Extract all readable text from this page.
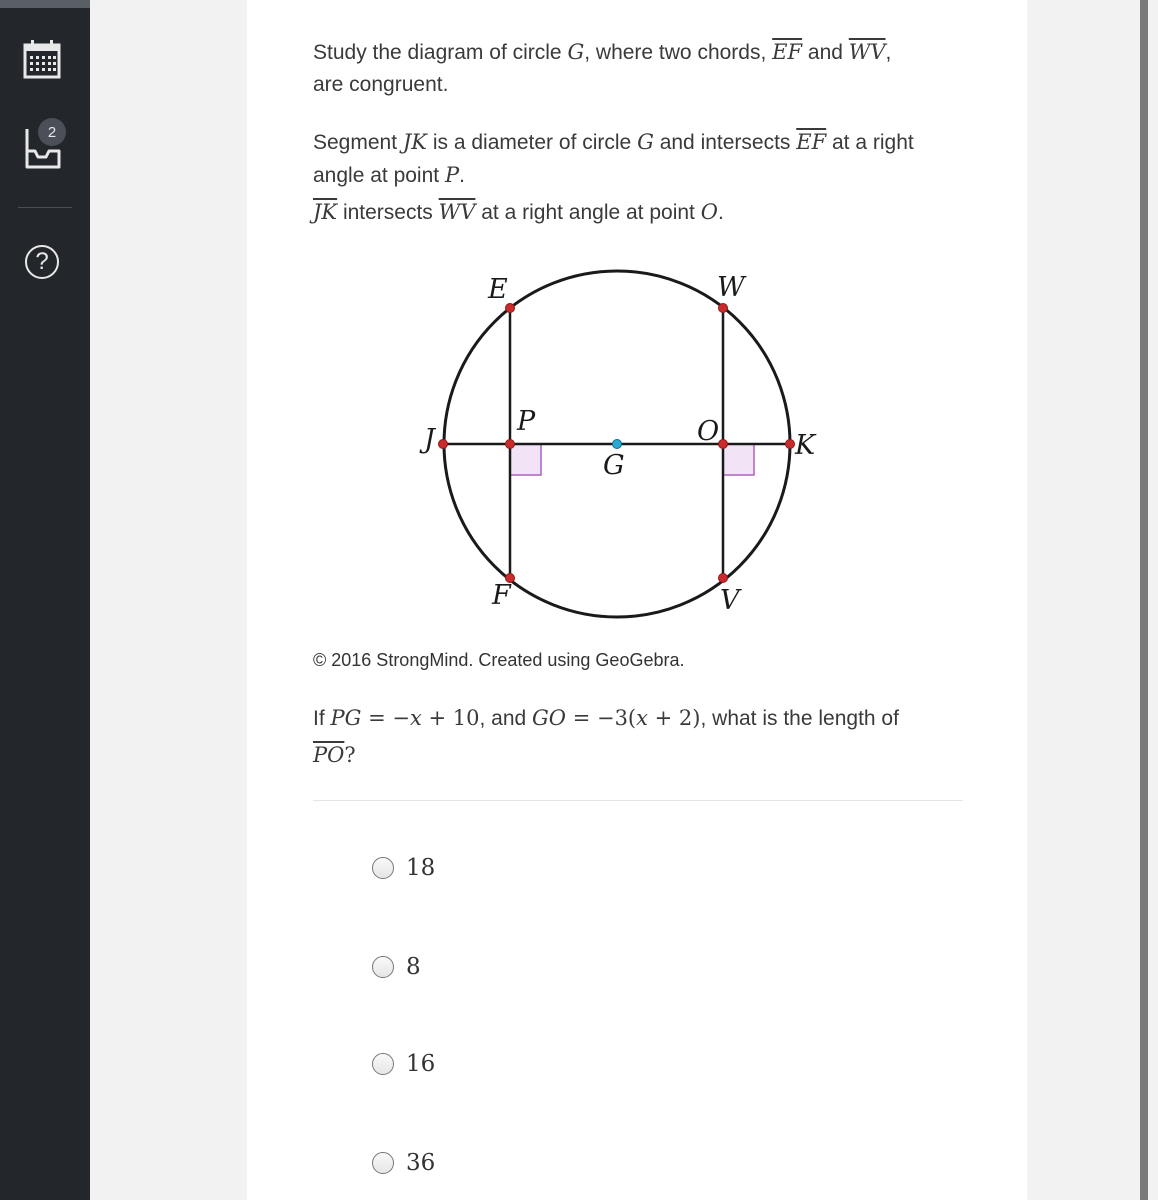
2
?
Study the diagram of circle G, where two chords, $\overline{EF}$ and $\overline{WV}$,
are congruent.
Segment JK is a diameter of circle G and intersects $\overline{EF}$ at a right
angle at point P.
$\overline{JK}$ intersects $\overline{WV}$ at a right angle at point O.
E	W
J
P
G
O	K
F	V
© 2016 StrongMind. Created using GeoGebra.
If PG = −x + 10, and GO = −3(x + 2), what is the length of
$\overline{PO}$?
18
8
16
36
